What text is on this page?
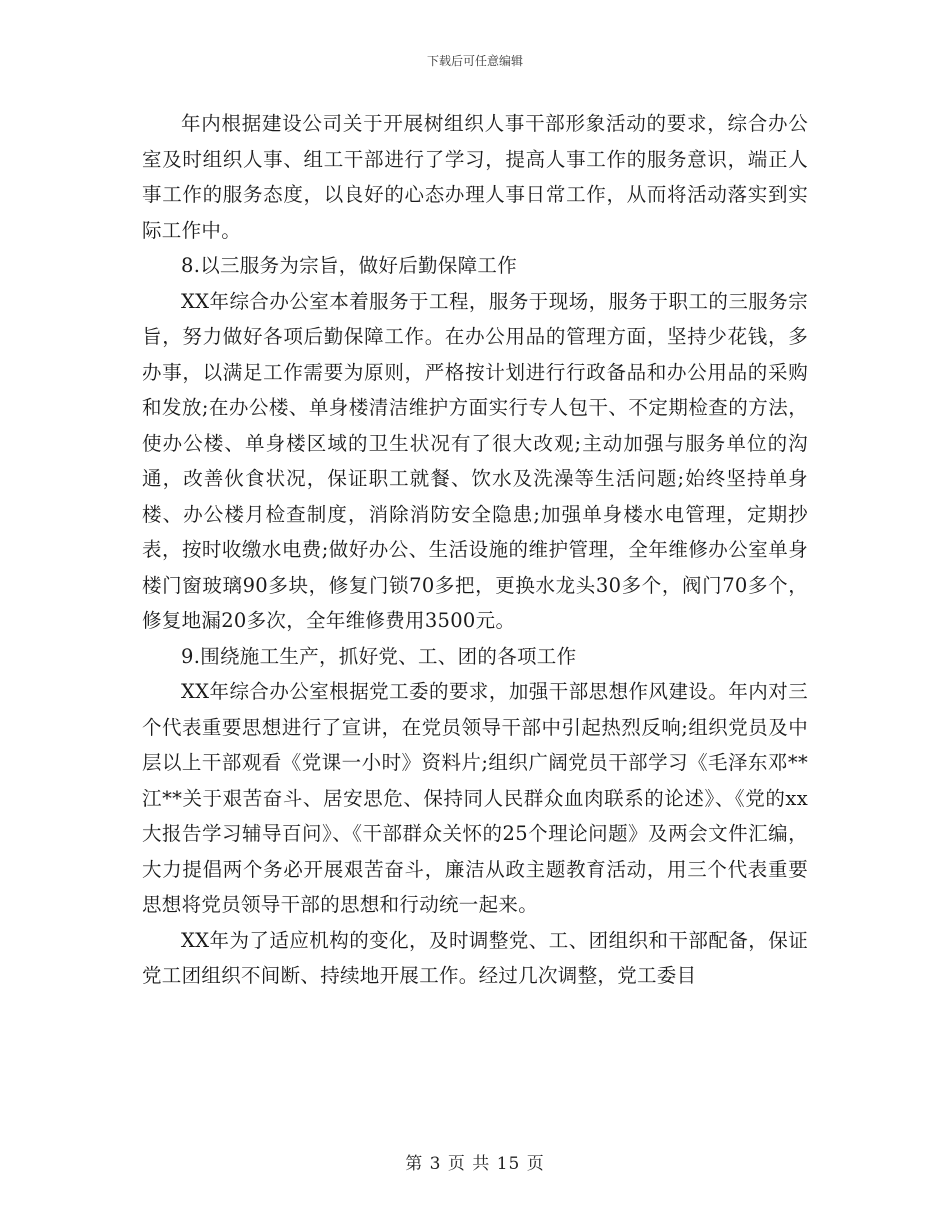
下载后可任意编辑

年内根据建设公司关于开展树组织人事干部形象活动的要求，综合办公室及时组织人事、组工干部进行了学习，提高人事工作的服务意识，端正人事工作的服务态度，以良好的心态办理人事日常工作，从而将活动落实到实际工作中。

8.以三服务为宗旨，做好后勤保障工作

XX年综合办公室本着服务于工程，服务于现场，服务于职工的三服务宗旨，努力做好各项后勤保障工作。在办公用品的管理方面，坚持少花钱，多办事，以满足工作需要为原则，严格按计划进行行政备品和办公用品的采购和发放;在办公楼、单身楼清洁维护方面实行专人包干、不定期检查的方法，使办公楼、单身楼区域的卫生状况有了很大改观;主动加强与服务单位的沟通，改善伙食状况，保证职工就餐、饮水及洗澡等生活问题;始终坚持单身楼、办公楼月检查制度，消除消防安全隐患;加强单身楼水电管理，定期抄表，按时收缴水电费;做好办公、生活设施的维护管理，全年维修办公室单身楼门窗玻璃90多块，修复门锁70多把，更换水龙头30多个，阀门70多个，修复地漏20多次，全年维修费用3500元。

9.围绕施工生产，抓好党、工、团的各项工作

XX年综合办公室根据党工委的要求，加强干部思想作风建设。年内对三个代表重要思想进行了宣讲，在党员领导干部中引起热烈反响;组织党员及中层以上干部观看《党课一小时》资料片;组织广阔党员干部学习《毛泽东邓**江**关于艰苦奋斗、居安思危、保持同人民群众血肉联系的论述》、《党的xx大报告学习辅导百问》、《干部群众关怀的25个理论问题》及两会文件汇编，大力提倡两个务必开展艰苦奋斗，廉洁从政主题教育活动，用三个代表重要思想将党员领导干部的思想和行动统一起来。

XX年为了适应机构的变化，及时调整党、工、团组织和干部配备，保证党工团组织不间断、持续地开展工作。经过几次调整，党工委目

第 3 页 共 15 页
